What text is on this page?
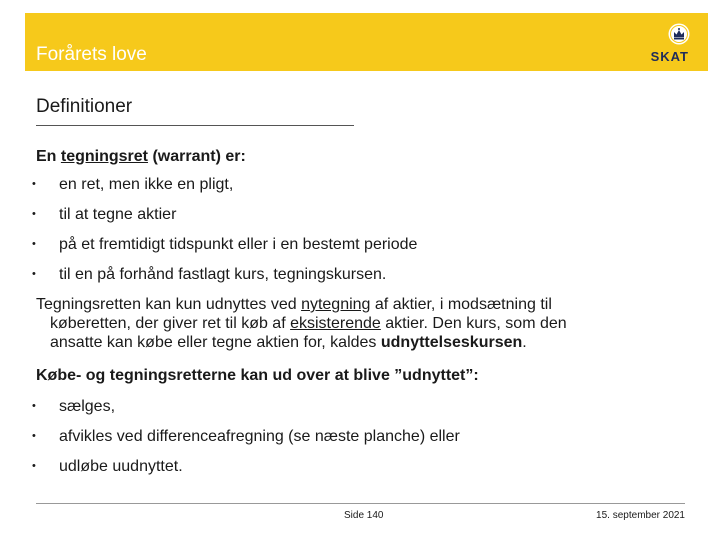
Forårets love	SKAT
Definitioner
En tegningsret (warrant) er:
• en ret, men ikke en pligt,
• til at tegne aktier
• på et fremtidigt tidspunkt eller i en bestemt periode
• til en på forhånd fastlagt kurs, tegningskursen.
Tegningsretten kan kun udnyttes ved nytegning af aktier, i modsætning til
køberetten, der giver ret til køb af eksisterende aktier. Den kurs, som den
ansatte kan købe eller tegne aktien for, kaldes udnyttelseskursen.
Købe- og tegningsretterne kan ud over at blive ”udnyttet”:
• sælges,
• afvikles ved differenceafregning (se næste planche) eller
• udløbe uudnyttet.
Side 140	15. september 2021
